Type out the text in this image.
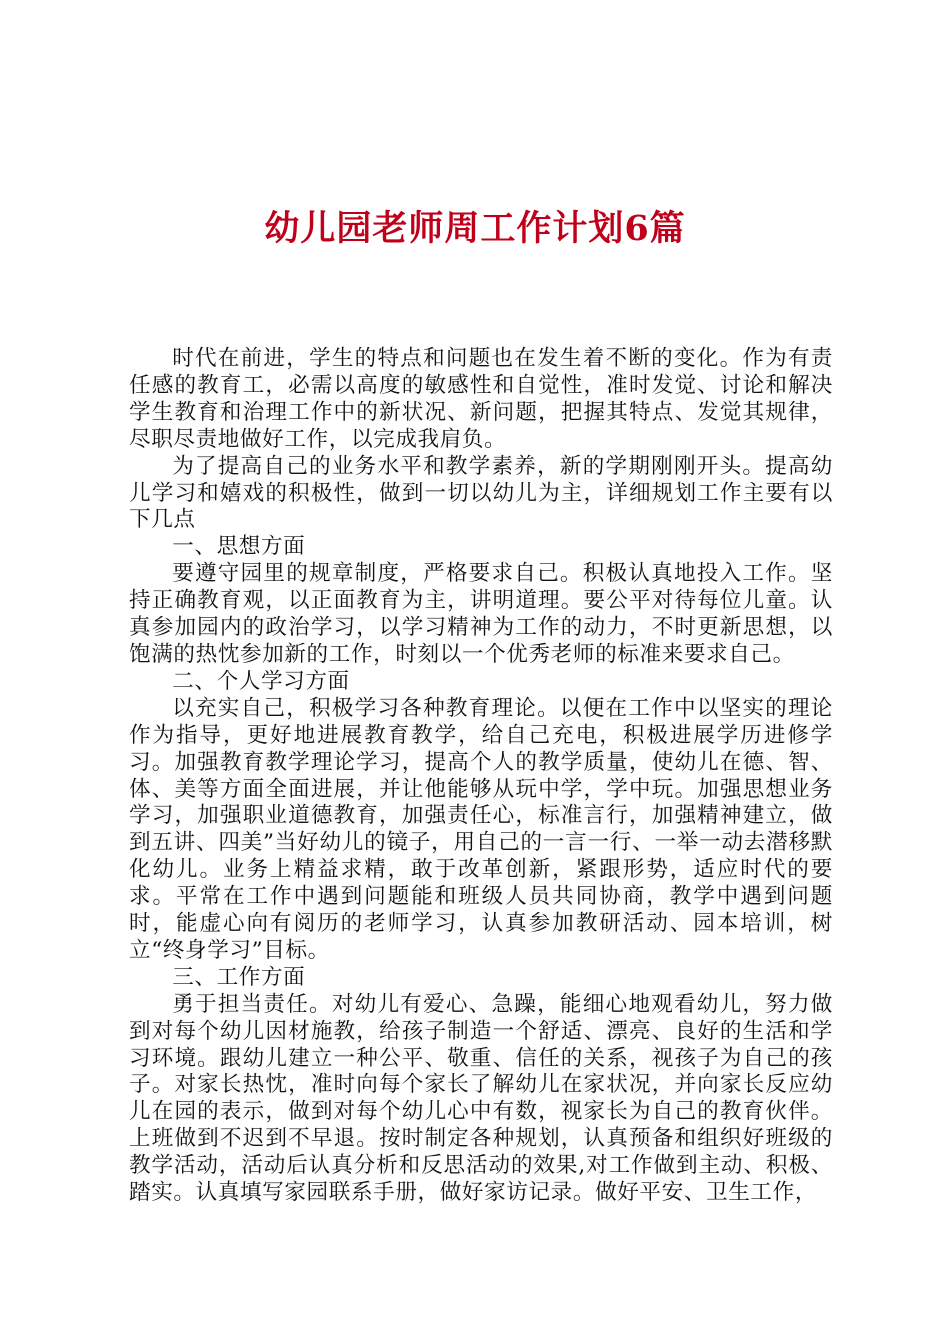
幼儿园老师周工作计划6篇

时代在前进，学生的特点和问题也在发生着不断的变化。作为有责任感的教育工，必需以高度的敏感性和自觉性，准时发觉、讨论和解决学生教育和治理工作中的新状况、新问题，把握其特点、发觉其规律，尽职尽责地做好工作，以完成我肩负。

为了提高自己的业务水平和教学素养，新的学期刚刚开头。提高幼儿学习和嬉戏的积极性，做到一切以幼儿为主，详细规划工作主要有以下几点

一、思想方面

要遵守园里的规章制度，严格要求自己。积极认真地投入工作。坚持正确教育观，以正面教育为主，讲明道理。要公平对待每位儿童。认真参加园内的政治学习，以学习精神为工作的动力，不时更新思想，以饱满的热忱参加新的工作，时刻以一个优秀老师的标准来要求自己。

二、个人学习方面

以充实自己，积极学习各种教育理论。以便在工作中以坚实的理论作为指导，更好地进展教育教学，给自己充电，积极进展学历进修学习。加强教育教学理论学习，提高个人的教学质量，使幼儿在德、智、体、美等方面全面进展，并让他能够从玩中学，学中玩。加强思想业务学习，加强职业道德教育，加强责任心，标准言行，加强精神建立，做到五讲、四美”当好幼儿的镜子，用自己的一言一行、一举一动去潜移默化幼儿。业务上精益求精，敢于改革创新，紧跟形势，适应时代的要求。平常在工作中遇到问题能和班级人员共同协商，教学中遇到问题时，能虚心向有阅历的老师学习，认真参加教研活动、园本培训，树立“终身学习”目标。

三、工作方面

勇于担当责任。对幼儿有爱心、急躁，能细心地观看幼儿，努力做到对每个幼儿因材施教，给孩子制造一个舒适、漂亮、良好的生活和学习环境。跟幼儿建立一种公平、敬重、信任的关系，视孩子为自己的孩子。对家长热忱，准时向每个家长了解幼儿在家状况，并向家长反应幼儿在园的表示，做到对每个幼儿心中有数，视家长为自己的教育伙伴。上班做到不迟到不早退。按时制定各种规划，认真预备和组织好班级的教学活动，活动后认真分析和反思活动的效果,对工作做到主动、积极、踏实。认真填写家园联系手册，做好家访记录。做好平安、卫生工作，
